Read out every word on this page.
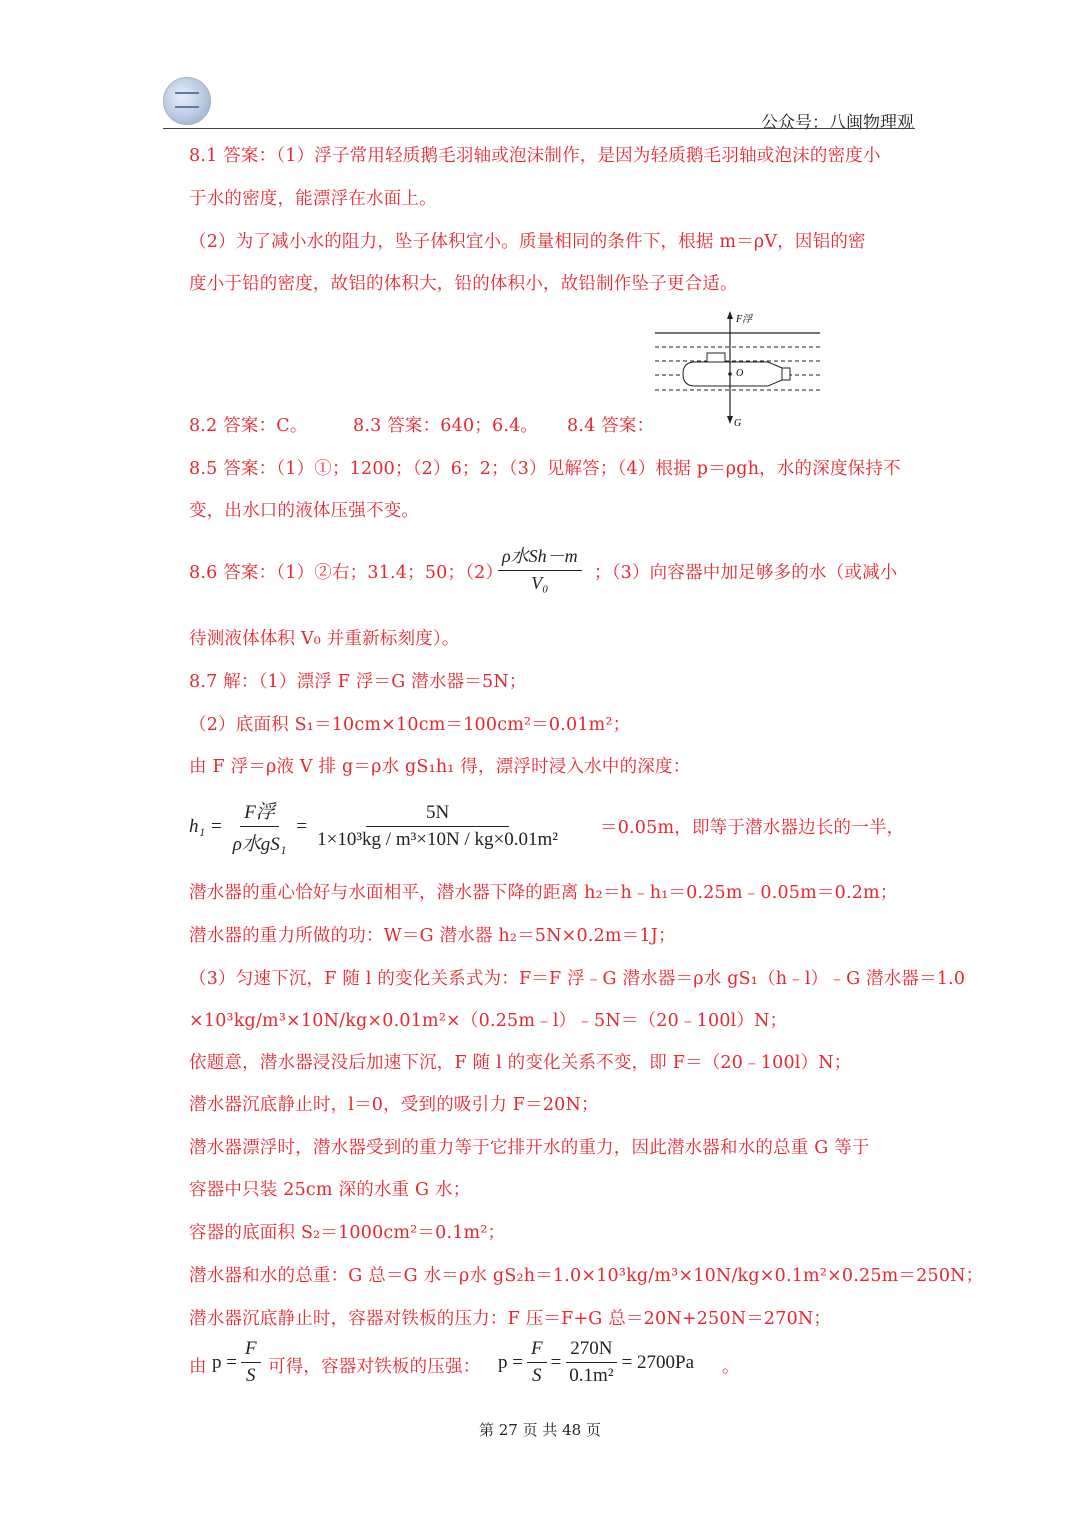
公众号：八闽物理观
8.1 答案：（1）浮子常用轻质鹅毛羽轴或泡沫制作，是因为轻质鹅毛羽轴或泡沫的密度小
于水的密度，能漂浮在水面上。
（2）为了减小水的阻力，坠子体积宜小。质量相同的条件下，根据 m＝ρV，因铝的密
度小于铅的密度，故铝的体积大，铅的体积小，故铅制作坠子更合适。
F浮
O
G
8.2 答案：C。	8.3 答案：640；6.4。 8.4 答案：
8.5 答案：（1）①；1200；（2）6；2；（3）见解答；（4）根据 p＝ρgh，水的深度保持不
变，出水口的液体压强不变。
8.6 答案：（1）②右；31.4；50；（2）
$\frac{\text{ρ水Sh－m}}{\text{V₀}}$ ；（3）向容器中加足够多的水（或减小
待测液体体积 V₀ 并重新标刻度）。
8.7 解：（1）漂浮 F 浮＝G 潜水器＝5N；
（2）底面积 S₁＝10cm×10cm＝100cm²＝0.01m²；
由 F 浮＝ρ液 V 排 g＝ρ水 gS₁h₁ 得，漂浮时浸入水中的深度：
$h_1 = \frac{\text{F浮}}{\text{ρ水gS₁}} = \frac{5N}{\text{1×10³kg / m³×10N / kg×0.01m²}} =0.05m$，即等于潜水器边长的一半，
潜水器的重心恰好与水面相平，潜水器下降的距离 h₂＝h﹣h₁＝0.25m﹣0.05m＝0.2m；
潜水器的重力所做的功：W＝G 潜水器 h₂＝5N×0.2m＝1J；
（3）匀速下沉，F 随 l 的变化关系式为：F＝F 浮﹣G 潜水器＝ρ水 gS₁（h﹣l）﹣G 潜水器＝1.0
×10³kg/m³×10N/kg×0.01m²×（0.25m﹣l）﹣5N＝（20﹣100l）N；
依题意，潜水器浸没后加速下沉，F 随 l 的变化关系不变，即 F＝（20﹣100l）N；
潜水器沉底静止时，l＝0，受到的吸引力 F＝20N；
潜水器漂浮时，潜水器受到的重力等于它排开水的重力，因此潜水器和水的总重 G 等于
容器中只装 25cm 深的水重 G 水；
容器的底面积 S₂＝1000cm²＝0.1m²；
潜水器和水的总重：G 总＝G 水＝ρ水 gS₂h＝1.0×10³kg/m³×10N/kg×0.1m²×0.25m＝250N；
潜水器沉底静止时，容器对铁板的压力：F 压＝F+G 总＝20N+250N＝270N；
由 $p = \frac{F}{S}$ 可得，容器对铁板的压强： $p = \frac{F}{S} = \frac{270N}{\text{0.1m²}} = 2700Pa$ 。
第 27 页 共 48 页
